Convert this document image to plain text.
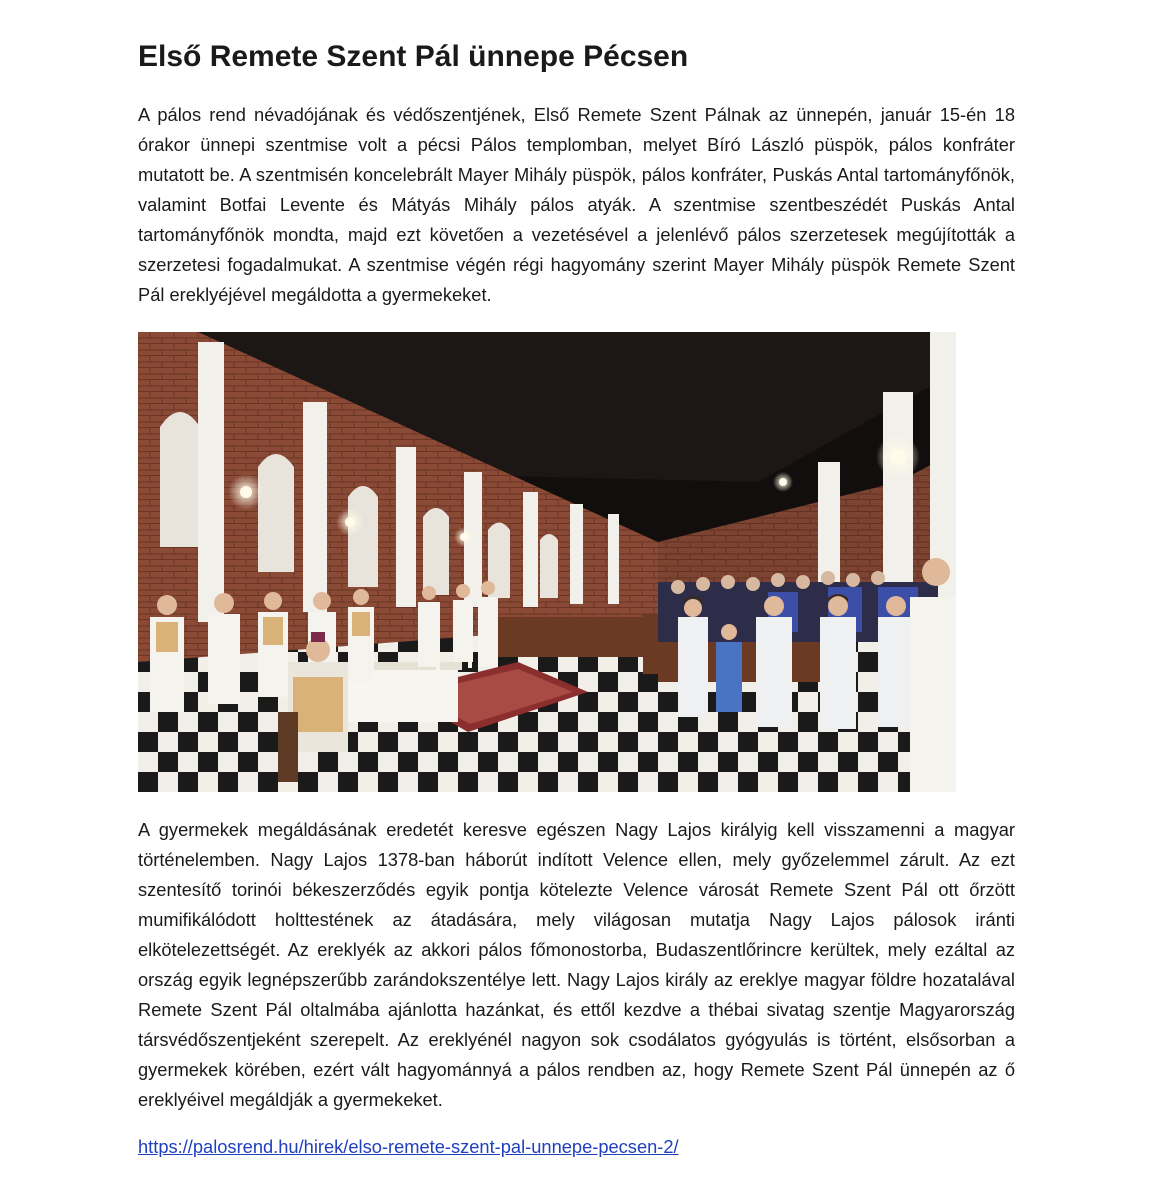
Első Remete Szent Pál ünnepe Pécsen

A pálos rend névadójának és védőszentjének, Első Remete Szent Pálnak az ünnepén, január 15-én 18 órakor ünnepi szentmise volt a pécsi Pálos templomban, melyet Bíró László püspök, pálos konfráter mutatott be. A szentmisén koncelebrált Mayer Mihály püspök, pálos konfráter, Puskás Antal tartományfőnök, valamint Botfai Levente és Mátyás Mihály pálos atyák. A szentmise szentbeszédét Puskás Antal tartományfőnök mondta, majd ezt követően a vezetésével a jelenlévő pálos szerzetesek megújították a szerzetesi fogadalmukat. A szentmise végén régi hagyomány szerint Mayer Mihály püspök Remete Szent Pál ereklyéjével megáldotta a gyermekeket.

A gyermekek megáldásának eredetét keresve egészen Nagy Lajos királyig kell visszamenni a magyar történelemben. Nagy Lajos 1378-ban háborút indított Velence ellen, mely győzelemmel zárult. Az ezt szentesítő torinói békeszerződés egyik pontja kötelezte Velence városát Remete Szent Pál ott őrzött mumifikálódott holttestének az átadására, mely világosan mutatja Nagy Lajos pálosok iránti elkötelezettségét. Az ereklyék az akkori pálos főmonostorba, Budaszentlőrincre kerültek, mely ezáltal az ország egyik legnépszerűbb zarándokszentélye lett. Nagy Lajos király az ereklye magyar földre hozatalával Remete Szent Pál oltalmába ajánlotta hazánkat, és ettől kezdve a thébai sivatag szentje Magyarország társvédőszentjeként szerepelt. Az ereklyénél nagyon sok csodálatos gyógyulás is történt, elsősorban a gyermekek körében, ezért vált hagyománnyá a pálos rendben az, hogy Remete Szent Pál ünnepén az ő ereklyéivel megáldják a gyermekeket.

https://palosrend.hu/hirek/elso-remete-szent-pal-unnepe-pecsen-2/
